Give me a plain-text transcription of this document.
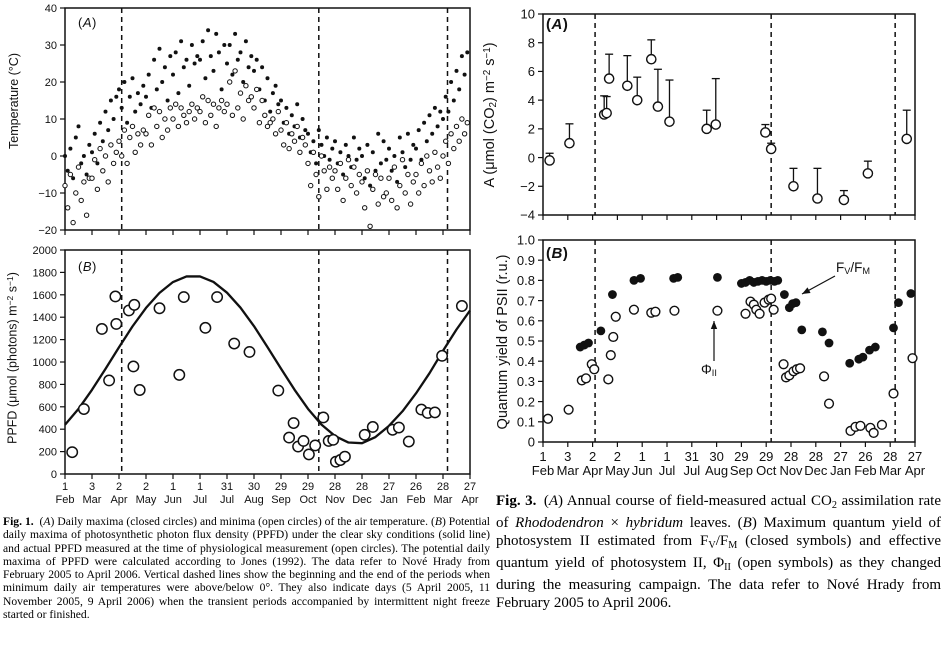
40
30
20
10
0
−10
−20
2000
1800
1600
1400
1200
1000
800
600
400
200
0
1
Feb
3
Mar
2
Apr
2
May
1
Jun
1
Jul
31
Jul
30
Aug
29
Sep
29
Oct
28
Nov
28
Dec
27
Jan
26
Feb
28
Mar
27
Apr
Temperature (°C)
PPFD (μmol (photons) $m^{-2}$ $s^{-1}$)
(A)
(B)

Fig. 1. (A) Daily maxima (closed circles) and minima (open circles) of the air temperature. (B) Potential daily maxima of photosynthetic photon flux density (PPFD) under the clear sky conditions (solid line) and actual PPFD measured at the time of physiological measurement (open circles). The potential daily maxima of PPFD were calculated according to Jones (1992). The data refer to Nové Hrady from February 2005 to April 2006. Vertical dashed lines show the beginning and the end of the periods when minimum daily air temperatures were above/below 0°. They also indicate days (5 April 2005, 11 November 2005, 9 April 2006) when the transient periods accompanied by intermittent night freeze started or finished.

10
8
6
4
2
0
−2
−4
1.0
0.9
0.8
0.7
0.6
0.5
0.4
0.3
0.2
0.1
0
1
Feb
3
Mar
2
Apr
2
May
1
Jun
1
Jul
31
Jul
30
Aug
29
Sep
29
Oct
28
Nov
28
Dec
27
Jan
26
Feb
28
Mar
27
Apr
A (μmol (CO2) $m^{-2}$ $s^{-1}$)
Quantum yield of PSII (r.u.)
(A)
(B)
FV/FM
ΦII

Fig. 3. (A) Annual course of field-measured actual $CO_2$ assimilation rate of Rhododendron × hybridum leaves. (B) Maximum quantum yield of photosystem II estimated from $F_V/F_M$ (closed symbols) and effective quantum yield of photosystem II, $\Phi_{II}$ (open symbols) as they changed during the measuring campaign. The data refer to Nové Hrady from February 2005 to April 2006.
